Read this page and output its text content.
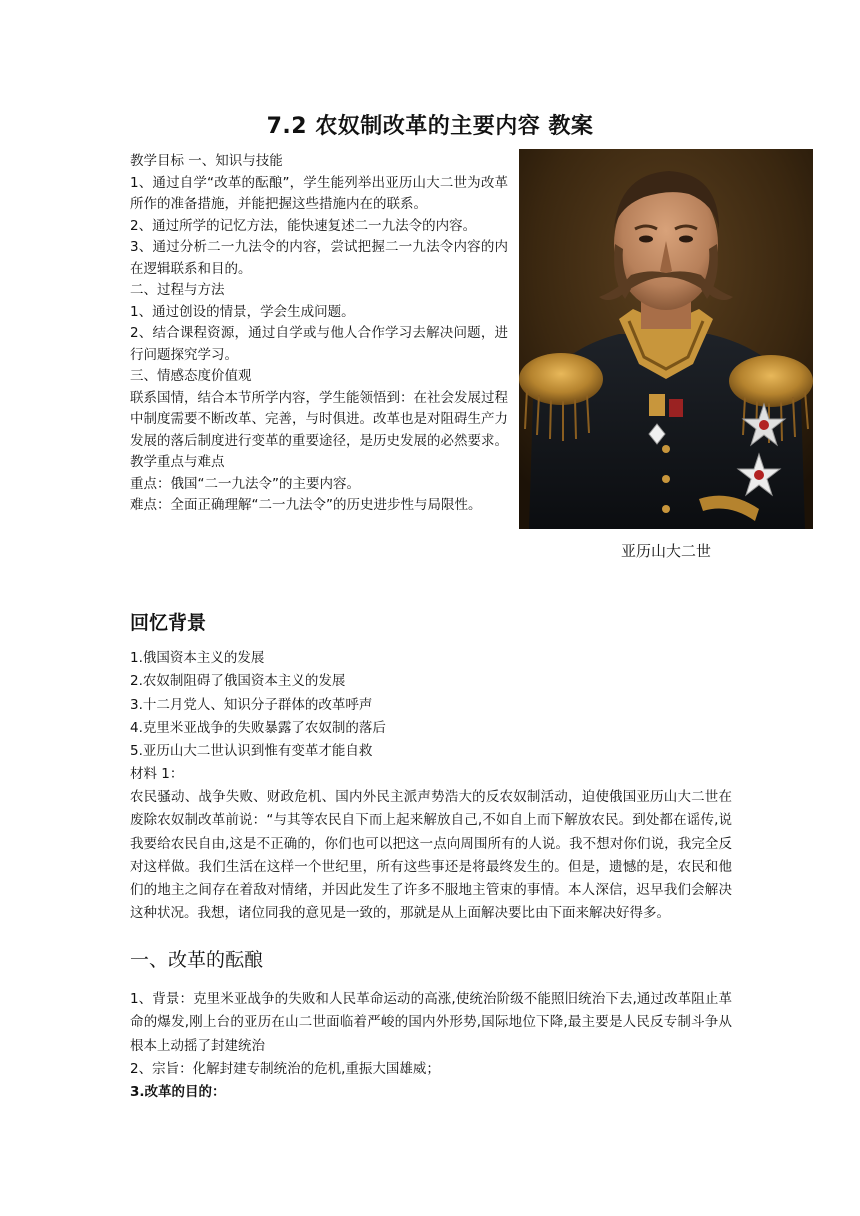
7.2 农奴制改革的主要内容 教案

教学目标 一、知识与技能

1、通过自学“改革的酝酿”，学生能列举出亚历山大二世为改革所作的准备措施，并能把握这些措施内在的联系。

2、通过所学的记忆方法，能快速复述二一九法令的内容。

3、通过分析二一九法令的内容，尝试把握二一九法令内容的内在逻辑联系和目的。

二、过程与方法

1、通过创设的情景，学会生成问题。

2、结合课程资源，通过自学或与他人合作学习去解决问题，进行问题探究学习。

三、情感态度价值观

联系国情，结合本节所学内容，学生能领悟到：在社会发展过程中制度需要不断改革、完善，与时俱进。改革也是对阻碍生产力发展的落后制度进行变革的重要途径，是历史发展的必然要求。

教学重点与难点

重点：俄国“二一九法令”的主要内容。

难点：全面正确理解“二一九法令”的历史进步性与局限性。

亚历山大二世
回忆背景

1.俄国资本主义的发展

2.农奴制阻碍了俄国资本主义的发展

3.十二月党人、知识分子群体的改革呼声

4.克里米亚战争的失败暴露了农奴制的落后

5.亚历山大二世认识到惟有变革才能自救

材料 1：

农民骚动、战争失败、财政危机、国内外民主派声势浩大的反农奴制活动，迫使俄国亚历山大二世在废除农奴制改革前说：“与其等农民自下而上起来解放自己,不如自上而下解放农民。到处都在谣传,说我要给农民自由,这是不正确的，你们也可以把这一点向周围所有的人说。我不想对你们说，我完全反对这样做。我们生活在这样一个世纪里，所有这些事还是将最终发生的。但是，遗憾的是，农民和他们的地主之间存在着敌对情绪，并因此发生了许多不服地主管束的事情。本人深信，迟早我们会解决这种状况。我想，诸位同我的意见是一致的，那就是从上面解决要比由下面来解决好得多。

一、改革的酝酿

1、背景：克里米亚战争的失败和人民革命运动的高涨,使统治阶级不能照旧统治下去,通过改革阻止革命的爆发,刚上台的亚历在山二世面临着严峻的国内外形势,国际地位下降,最主要是人民反专制斗争从根本上动摇了封建统治

2、宗旨：化解封建专制统治的危机,重振大国雄威；

3.改革的目的：
